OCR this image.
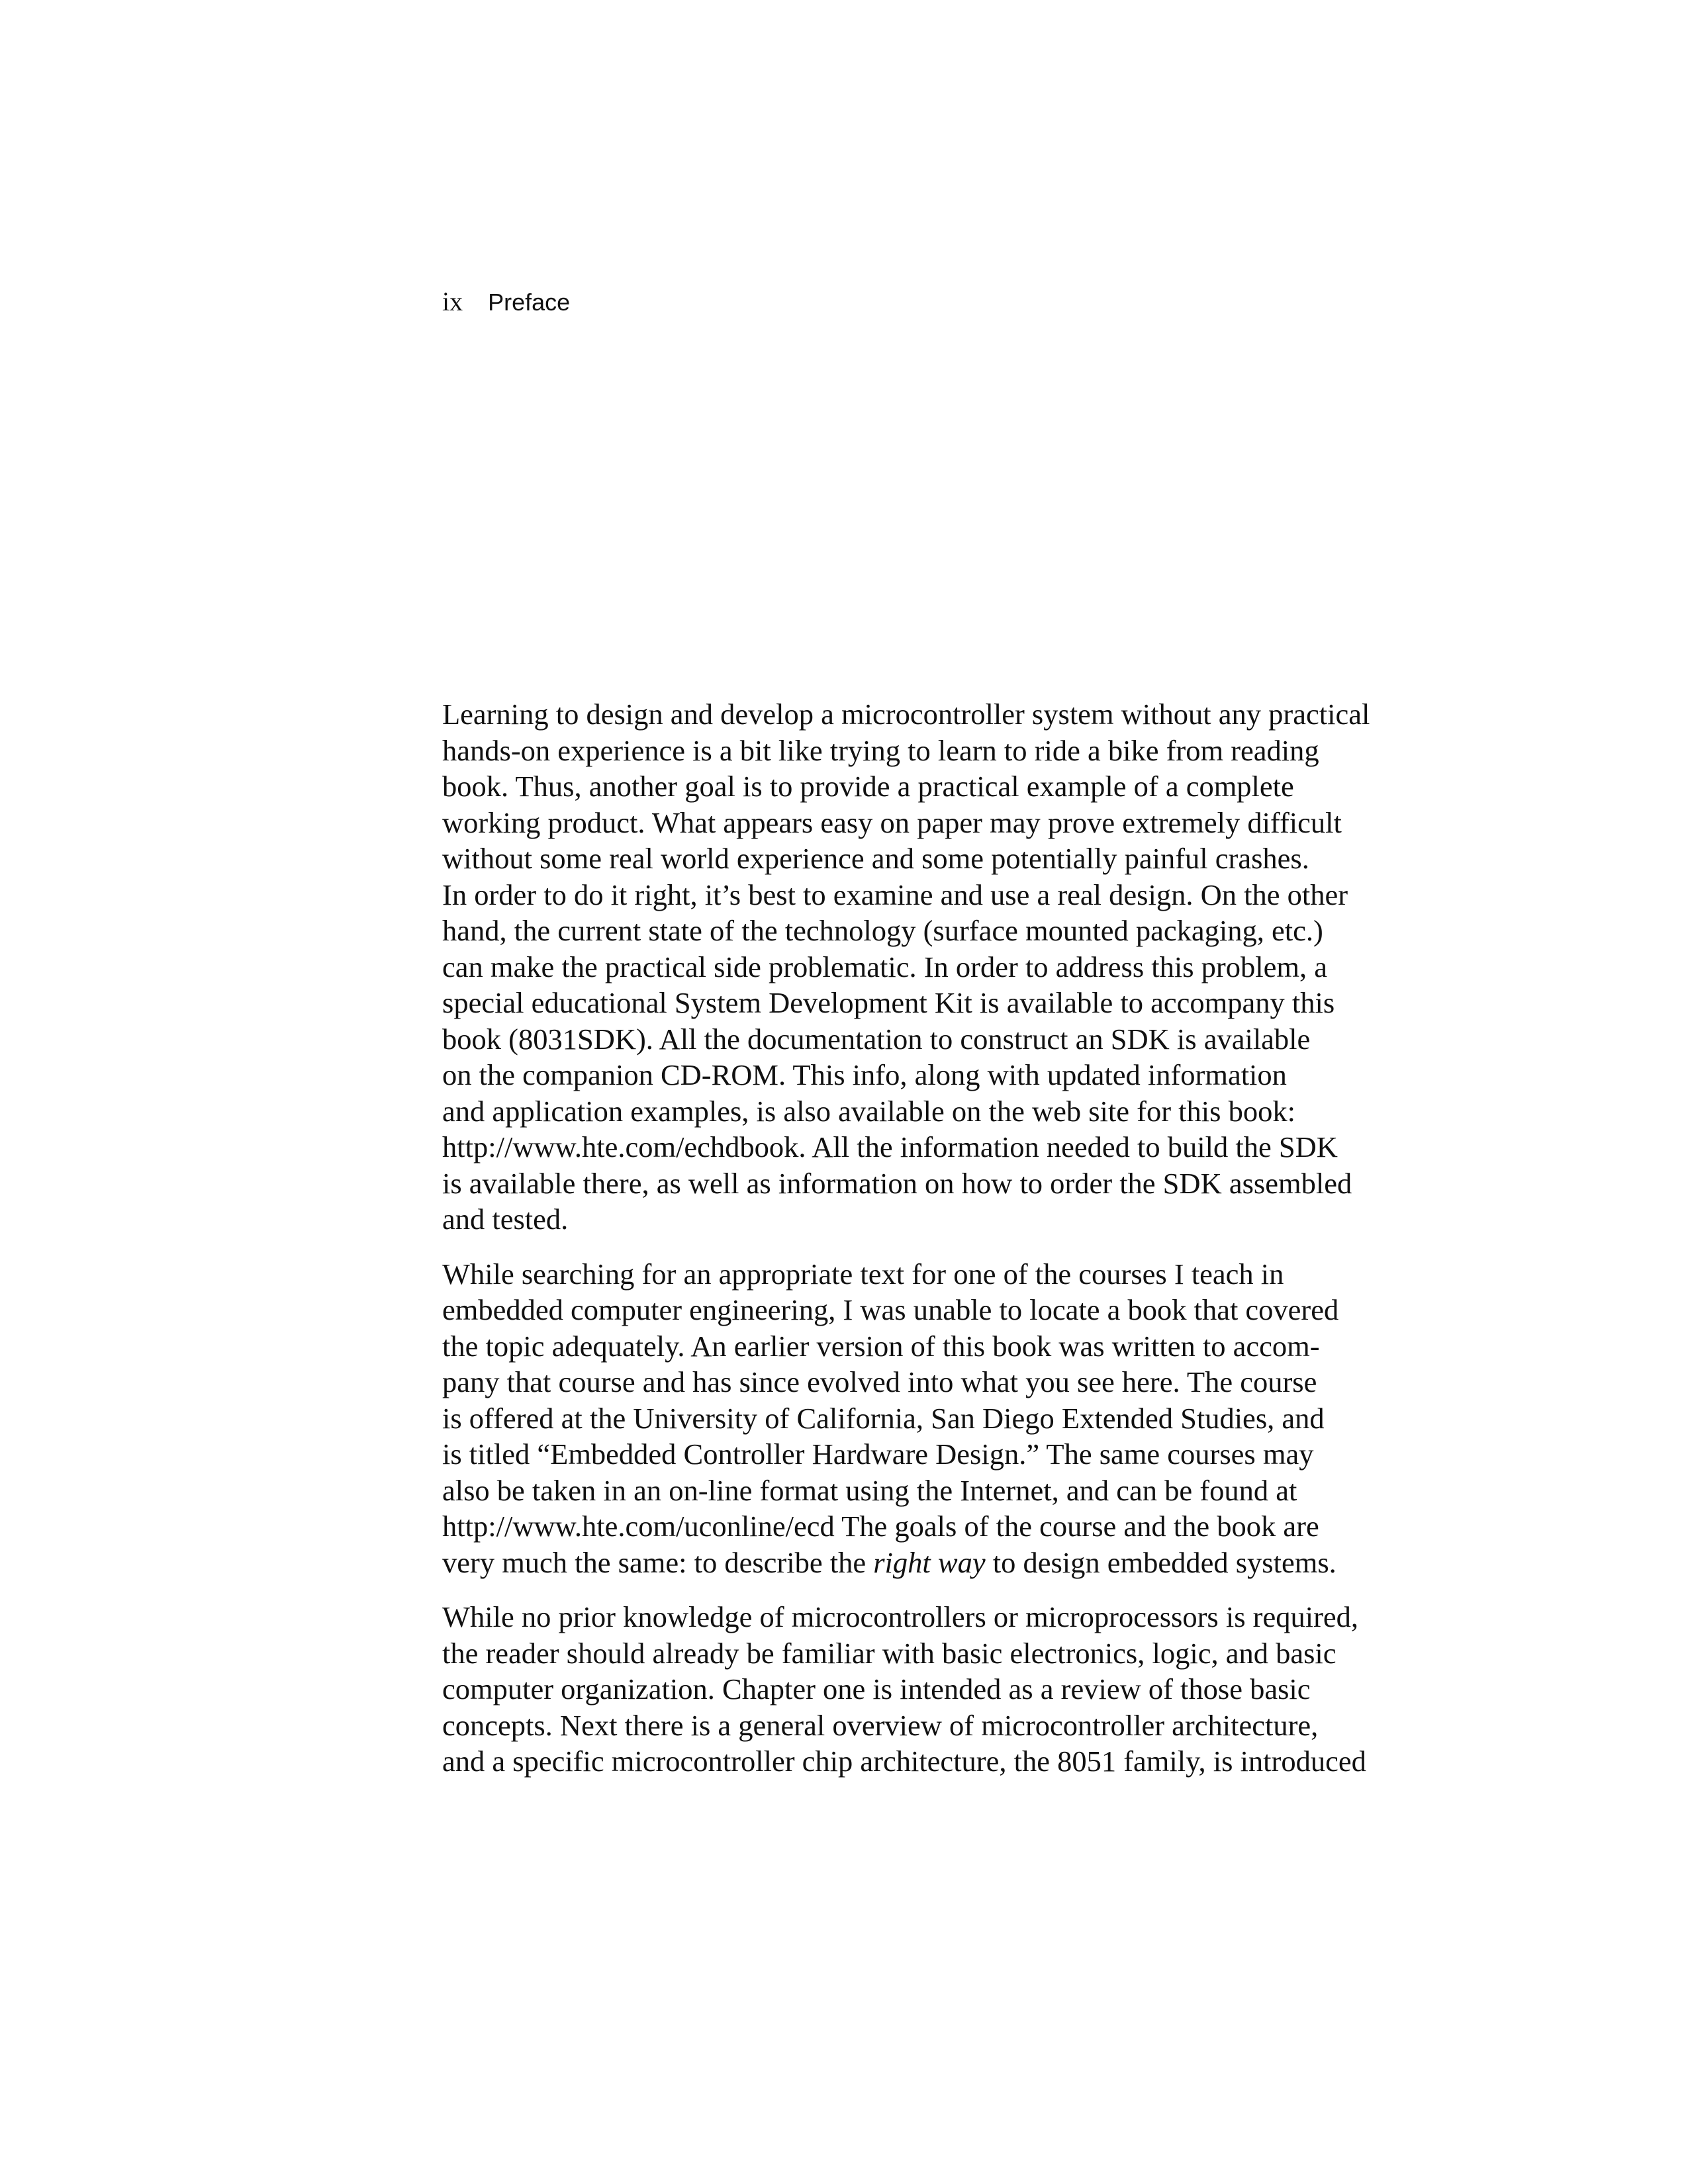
ix Preface
Learning to design and develop a microcontroller system without any practical
hands-on experience is a bit like trying to learn to ride a bike from reading
book. Thus, another goal is to provide a practical example of a complete
working product. What appears easy on paper may prove extremely difficult
without some real world experience and some potentially painful crashes.
In order to do it right, it’s best to examine and use a real design. On the other
hand, the current state of the technology (surface mounted packaging, etc.)
can make the practical side problematic. In order to address this problem, a
special educational System Development Kit is available to accompany this
book (8031SDK). All the documentation to construct an SDK is available
on the companion CD-ROM. This info, along with updated information
and application examples, is also available on the web site for this book:
http://www.hte.com/echdbook. All the information needed to build the SDK
is available there, as well as information on how to order the SDK assembled
and tested.
While searching for an appropriate text for one of the courses I teach in
embedded computer engineering, I was unable to locate a book that covered
the topic adequately. An earlier version of this book was written to accom-
pany that course and has since evolved into what you see here. The course
is offered at the University of California, San Diego Extended Studies, and
is titled “Embedded Controller Hardware Design.” The same courses may
also be taken in an on-line format using the Internet, and can be found at
http://www.hte.com/uconline/ecd The goals of the course and the book are
very much the same: to describe the right way to design embedded systems.
While no prior knowledge of microcontrollers or microprocessors is required,
the reader should already be familiar with basic electronics, logic, and basic
computer organization. Chapter one is intended as a review of those basic
concepts. Next there is a general overview of microcontroller architecture,
and a specific microcontroller chip architecture, the 8051 family, is introduced
